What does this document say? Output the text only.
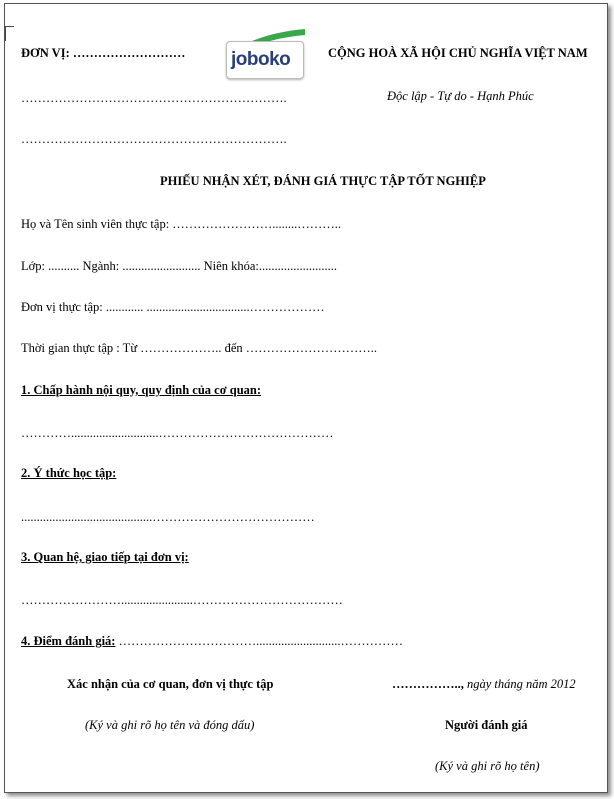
ĐƠN VỊ: ……………………… joboko	CỘNG HOÀ XÃ HỘI CHỦ NGHĨA VIỆT NAM
……………………………………………………….	Độc lập - Tự do - Hạnh Phúc
……………………………………………………….
PHIẾU NHẬN XÉT, ĐÁNH GIÁ THỰC TẬP TỐT NGHIỆP
Họ và Tên sinh viên thực tập: ……………………........………..
Lớp: .......... Ngành: ......................... Niên khóa:.........................
Đơn vị thực tập: ............ .................................………………
Thời gian thực tập : Từ ……………….. đến …………………………..
1. Chấp hành nội quy, quy định của cơ quan:
…………............................……………………………………
2. Ý thức học tập:
..........................................…………………………………
3. Quan hệ, giao tiếp tại đơn vị:
…………………….......................………………………………
4. Điểm đánh giá: ……………………………...........................……………
Xác nhận của cơ quan, đơn vị thực tập	…………….., ngày tháng năm 2012
(Ký và ghi rõ họ tên và đóng dấu)	Người đánh giá
(Ký và ghi rõ họ tên)
